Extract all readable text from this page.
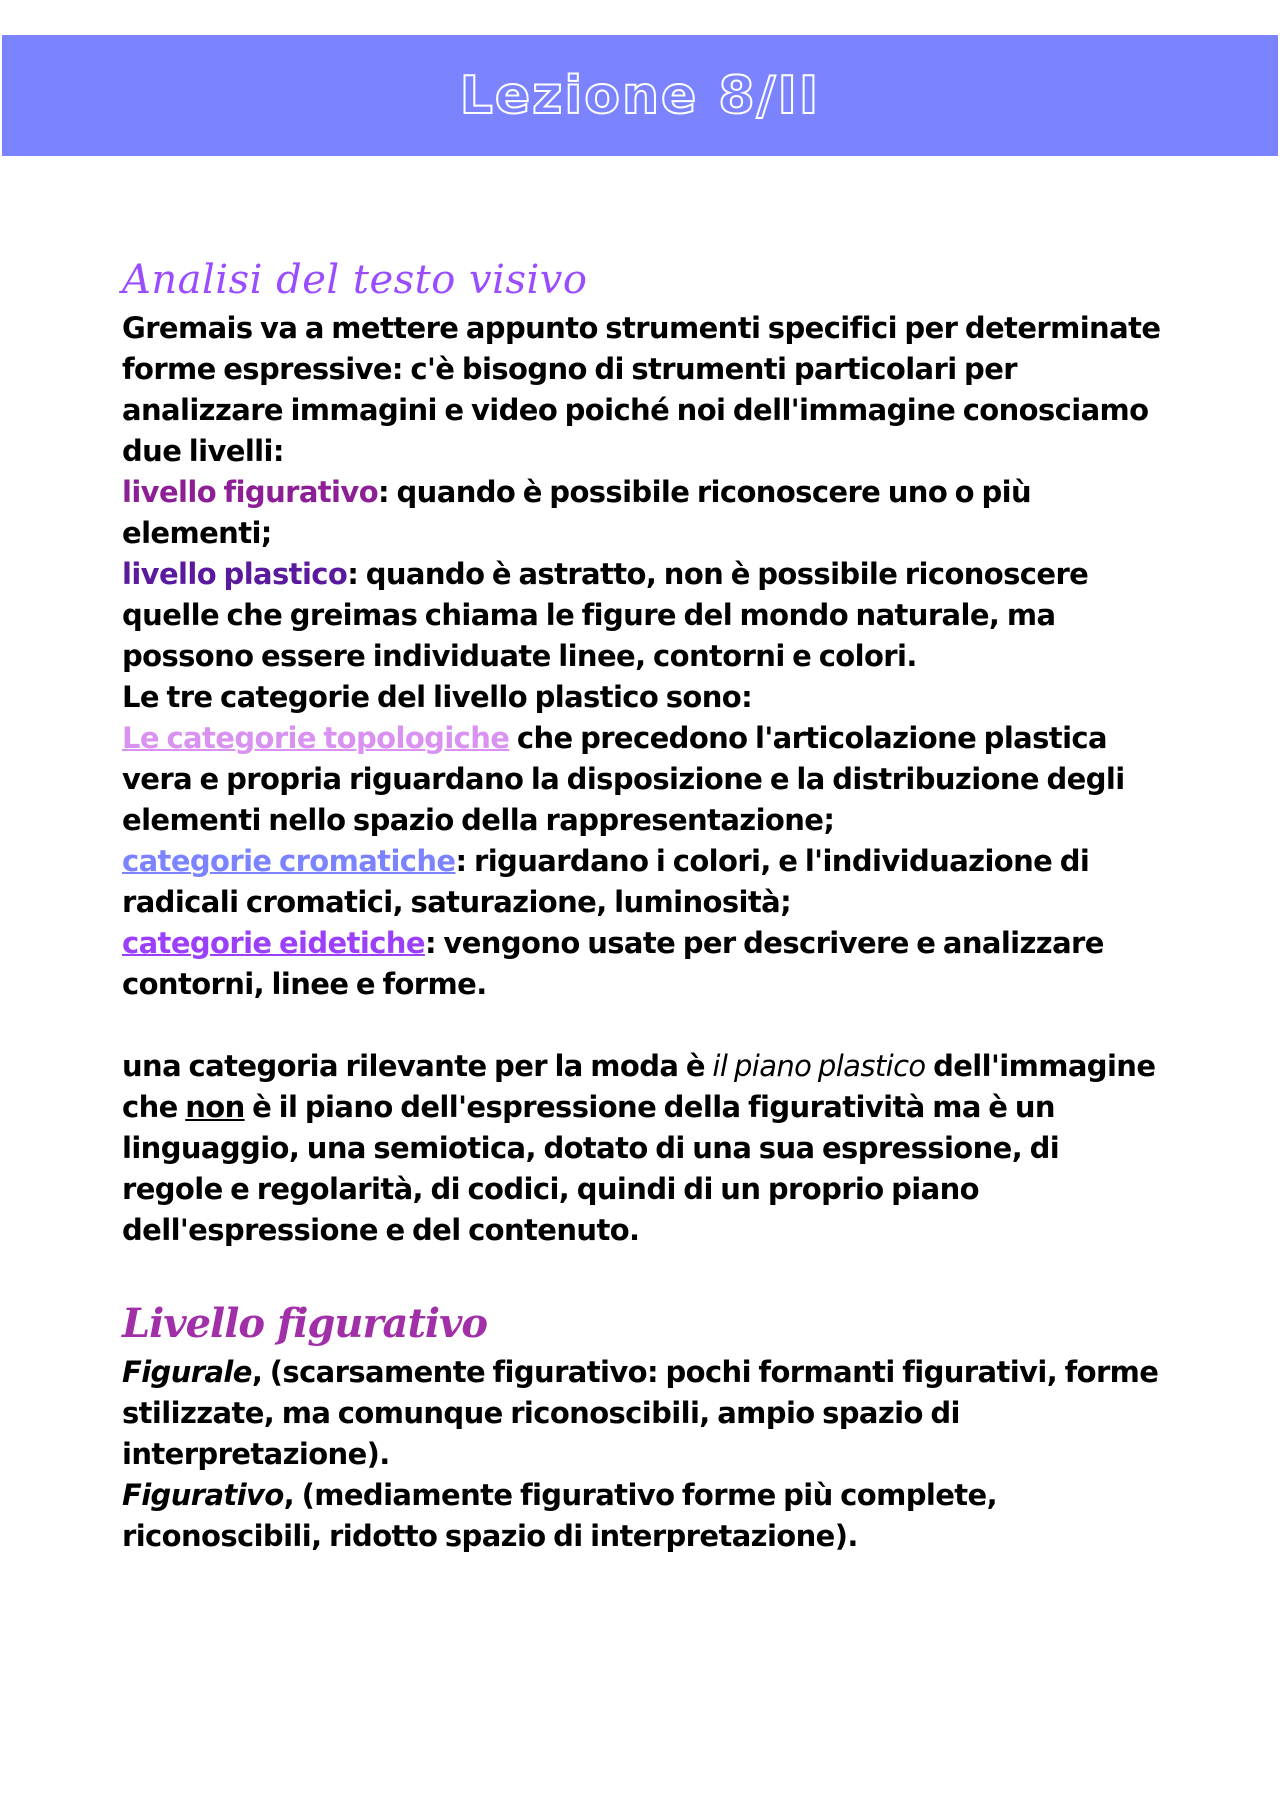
Lezione 8/II
Analisi del testo visivo

Gremais va a mettere appunto strumenti specifici per determinate forme espressive: c'è bisogno di strumenti particolari per analizzare immagini e video poiché noi dell'immagine conosciamo due livelli:

livello figurativo: quando è possibile riconoscere uno o più elementi;

livello plastico: quando è astratto, non è possibile riconoscere quelle che greimas chiama le figure del mondo naturale, ma possono essere individuate linee, contorni e colori.

Le tre categorie del livello plastico sono:

Le categorie topologiche che precedono l'articolazione plastica vera e propria riguardano la disposizione e la distribuzione degli elementi nello spazio della rappresentazione;

categorie cromatiche: riguardano i colori, e l'individuazione di radicali cromatici, saturazione, luminosità;

categorie eidetiche: vengono usate per descrivere e analizzare contorni, linee e forme.

una categoria rilevante per la moda è il piano plastico dell'immagine che non è il piano dell'espressione della figuratività ma è un linguaggio, una semiotica, dotato di una sua espressione, di regole e regolarità, di codici, quindi di un proprio piano dell'espressione e del contenuto.

Livello figurativo

Figurale, (scarsamente figurativo: pochi formanti figurativi, forme stilizzate, ma comunque riconoscibili, ampio spazio di interpretazione).

Figurativo, (mediamente figurativo forme più complete, riconoscibili, ridotto spazio di interpretazione).
